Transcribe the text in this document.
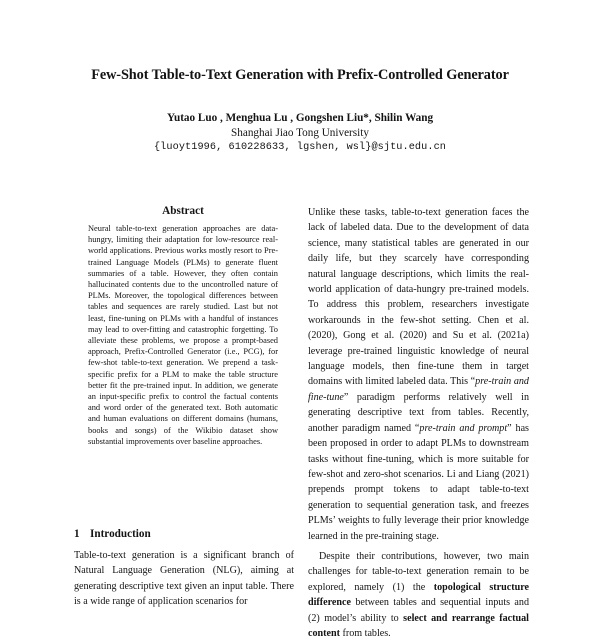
Few-Shot Table-to-Text Generation with Prefix-Controlled Generator
Yutao Luo , Menghua Lu , Gongshen Liu*, Shilin Wang
Shanghai Jiao Tong University
{luoyt1996, 610228633, lgshen, wsl}@sjtu.edu.cn
Abstract

Neural table-to-text generation approaches are data-hungry, limiting their adaptation for low-resource real-world applications. Previous works mostly resort to Pre-trained Language Models (PLMs) to generate fluent summaries of a table. However, they often contain hallucinated contents due to the uncontrolled nature of PLMs. Moreover, the topological differences between tables and sequences are rarely studied. Last but not least, fine-tuning on PLMs with a handful of instances may lead to over-fitting and catastrophic forgetting. To alleviate these problems, we propose a prompt-based approach, Prefix-Controlled Generator (i.e., PCG), for few-shot table-to-text generation. We prepend a task-specific prefix for a PLM to make the table structure better fit the pre-trained input. In addition, we generate an input-specific prefix to control the factual contents and word order of the generated text. Both automatic and human evaluations on different domains (humans, books and songs) of the Wikibio dataset show substantial improvements over baseline approaches.

1 Introduction

Table-to-text generation is a significant branch of Natural Language Generation (NLG), aiming at generating descriptive text given an input table. There is a wide range of application scenarios for

Unlike these tasks, table-to-text generation faces the lack of labeled data. Due to the development of data science, many statistical tables are generated in our daily life, but they scarcely have corresponding natural language descriptions, which limits the real-world application of data-hungry pre-trained models. To address this problem, researchers investigate workarounds in the few-shot setting. Chen et al. (2020), Gong et al. (2020) and Su et al. (2021a) leverage pre-trained linguistic knowledge of neural language models, then fine-tune them in target domains with limited labeled data. This “pre-train and fine-tune” paradigm performs relatively well in generating descriptive text from tables. Recently, another paradigm named “pre-train and prompt” has been proposed in order to adapt PLMs to downstream tasks without fine-tuning, which is more suitable for few-shot and zero-shot scenarios. Li and Liang (2021) prepends prompt tokens to adapt table-to-text generation to sequential generation task, and freezes PLMs’ weights to fully leverage their prior knowledge learned in the pre-training stage.

Despite their contributions, however, two main challenges for table-to-text generation remain to be explored, namely (1) the topological structure difference between tables and sequential inputs and (2) model’s ability to select and rearrange factual content from tables.
